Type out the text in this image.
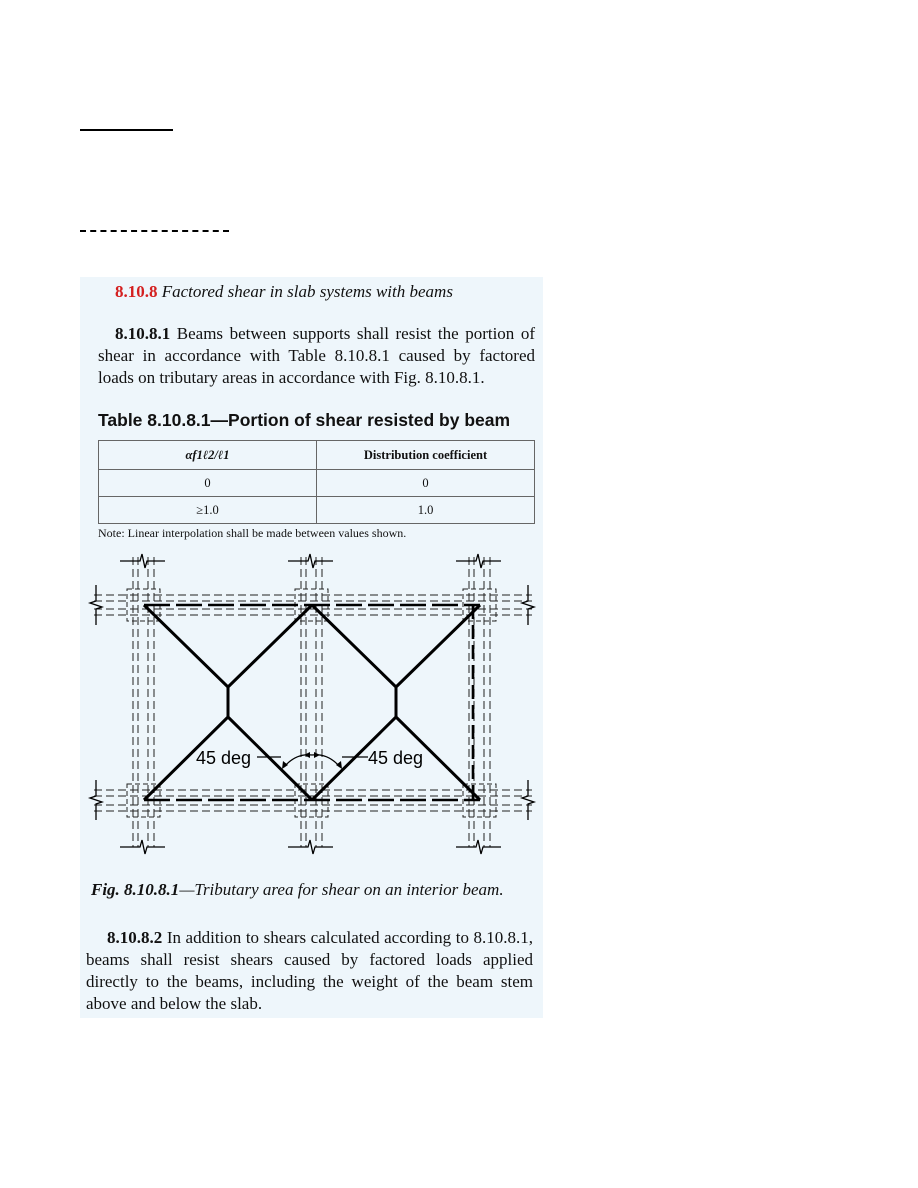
8.10.8 Factored shear in slab systems with beams

8.10.8.1 Beams between supports shall resist the portion of shear in accordance with Table 8.10.8.1 caused by factored loads on tributary areas in accordance with Fig. 8.10.8.1.

Table 8.10.8.1—Portion of shear resisted by beam

αf1ℓ2/ℓ1	Distribution coefficient
0	0
≥1.0	1.0

Note: Linear interpolation shall be made between values shown.

45 deg	45 deg

Fig. 8.10.8.1—Tributary area for shear on an interior beam.

8.10.8.2 In addition to shears calculated according to 8.10.8.1, beams shall resist shears caused by factored loads applied directly to the beams, including the weight of the beam stem above and below the slab.
